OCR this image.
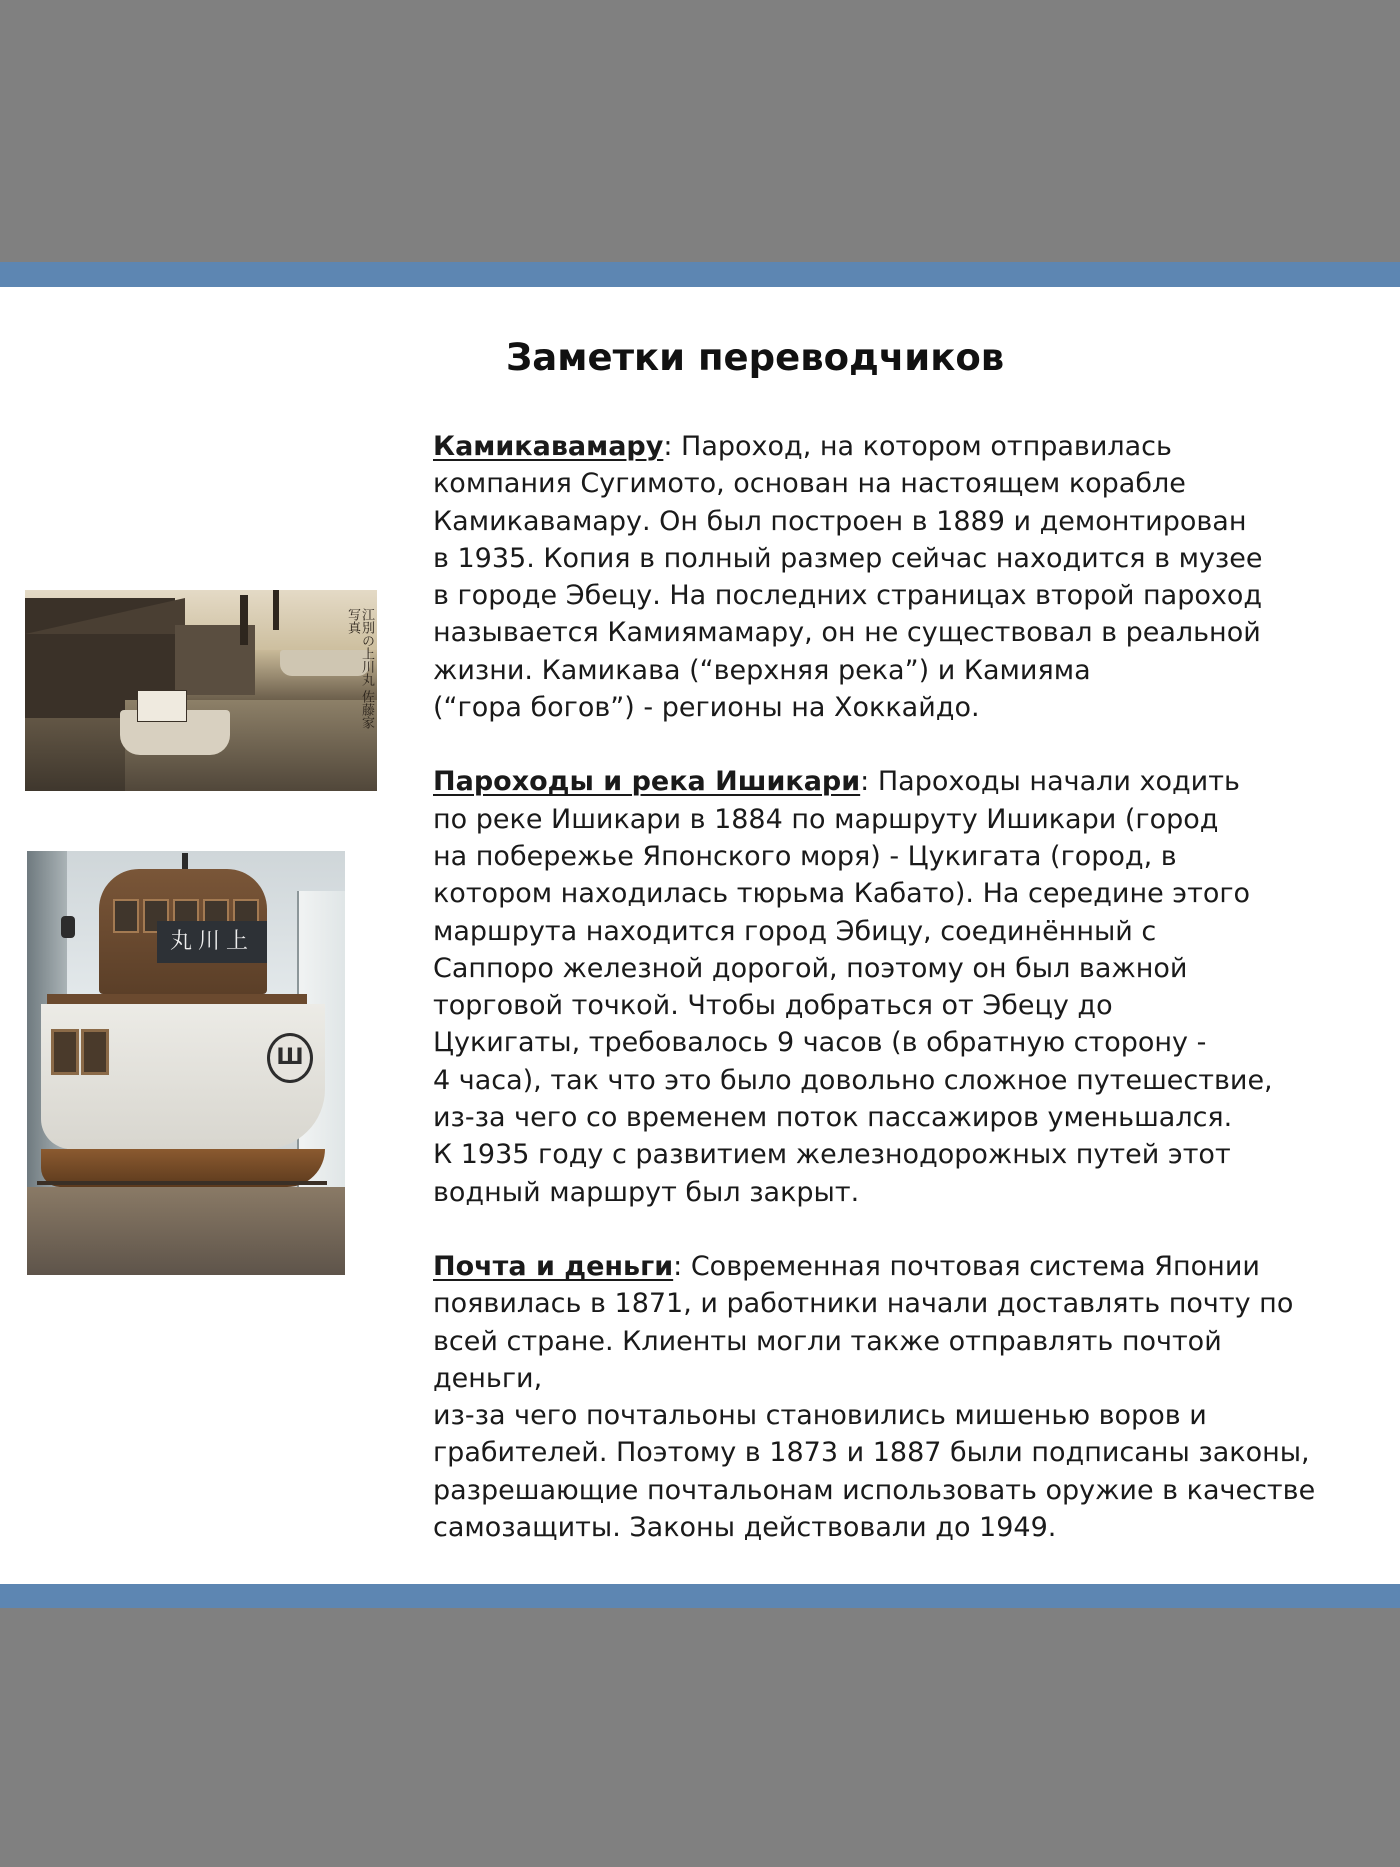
Заметки переводчиков
江別の上川丸 佐藤家写真
丸川上
Ш

Камикавамару: Пароход, на котором отправилась
компания Сугимото, основан на настоящем корабле
Камикавамару. Он был построен в 1889 и демонтирован
в 1935. Копия в полный размер сейчас находится в музее
в городе Эбецу. На последних страницах второй пароход
называется Камиямамару, он не существовал в реальной
жизни. Камикава (“верхняя река”) и Камияма
(“гора богов”) - регионы на Хоккайдо.

Пароходы и река Ишикари: Пароходы начали ходить
по реке Ишикари в 1884 по маршруту Ишикари (город
на побережье Японского моря) - Цукигата (город, в
котором находилась тюрьма Кабато). На середине этого
маршрута находится город Эбицу, соединённый с
Саппоро железной дорогой, поэтому он был важной
торговой точкой. Чтобы добраться от Эбецу до
Цукигаты, требовалось 9 часов (в обратную сторону -
4 часа), так что это было довольно сложное путешествие,
из-за чего со временем поток пассажиров уменьшался.
К 1935 году с развитием железнодорожных путей этот
водный маршрут был закрыт.

Почта и деньги: Современная почтовая система Японии
появилась в 1871, и работники начали доставлять почту по
всей стране. Клиенты могли также отправлять почтой деньги,
из-за чего почтальоны становились мишенью воров и
грабителей. Поэтому в 1873 и 1887 были подписаны законы,
разрешающие почтальонам использовать оружие в качестве
самозащиты. Законы действовали до 1949.
